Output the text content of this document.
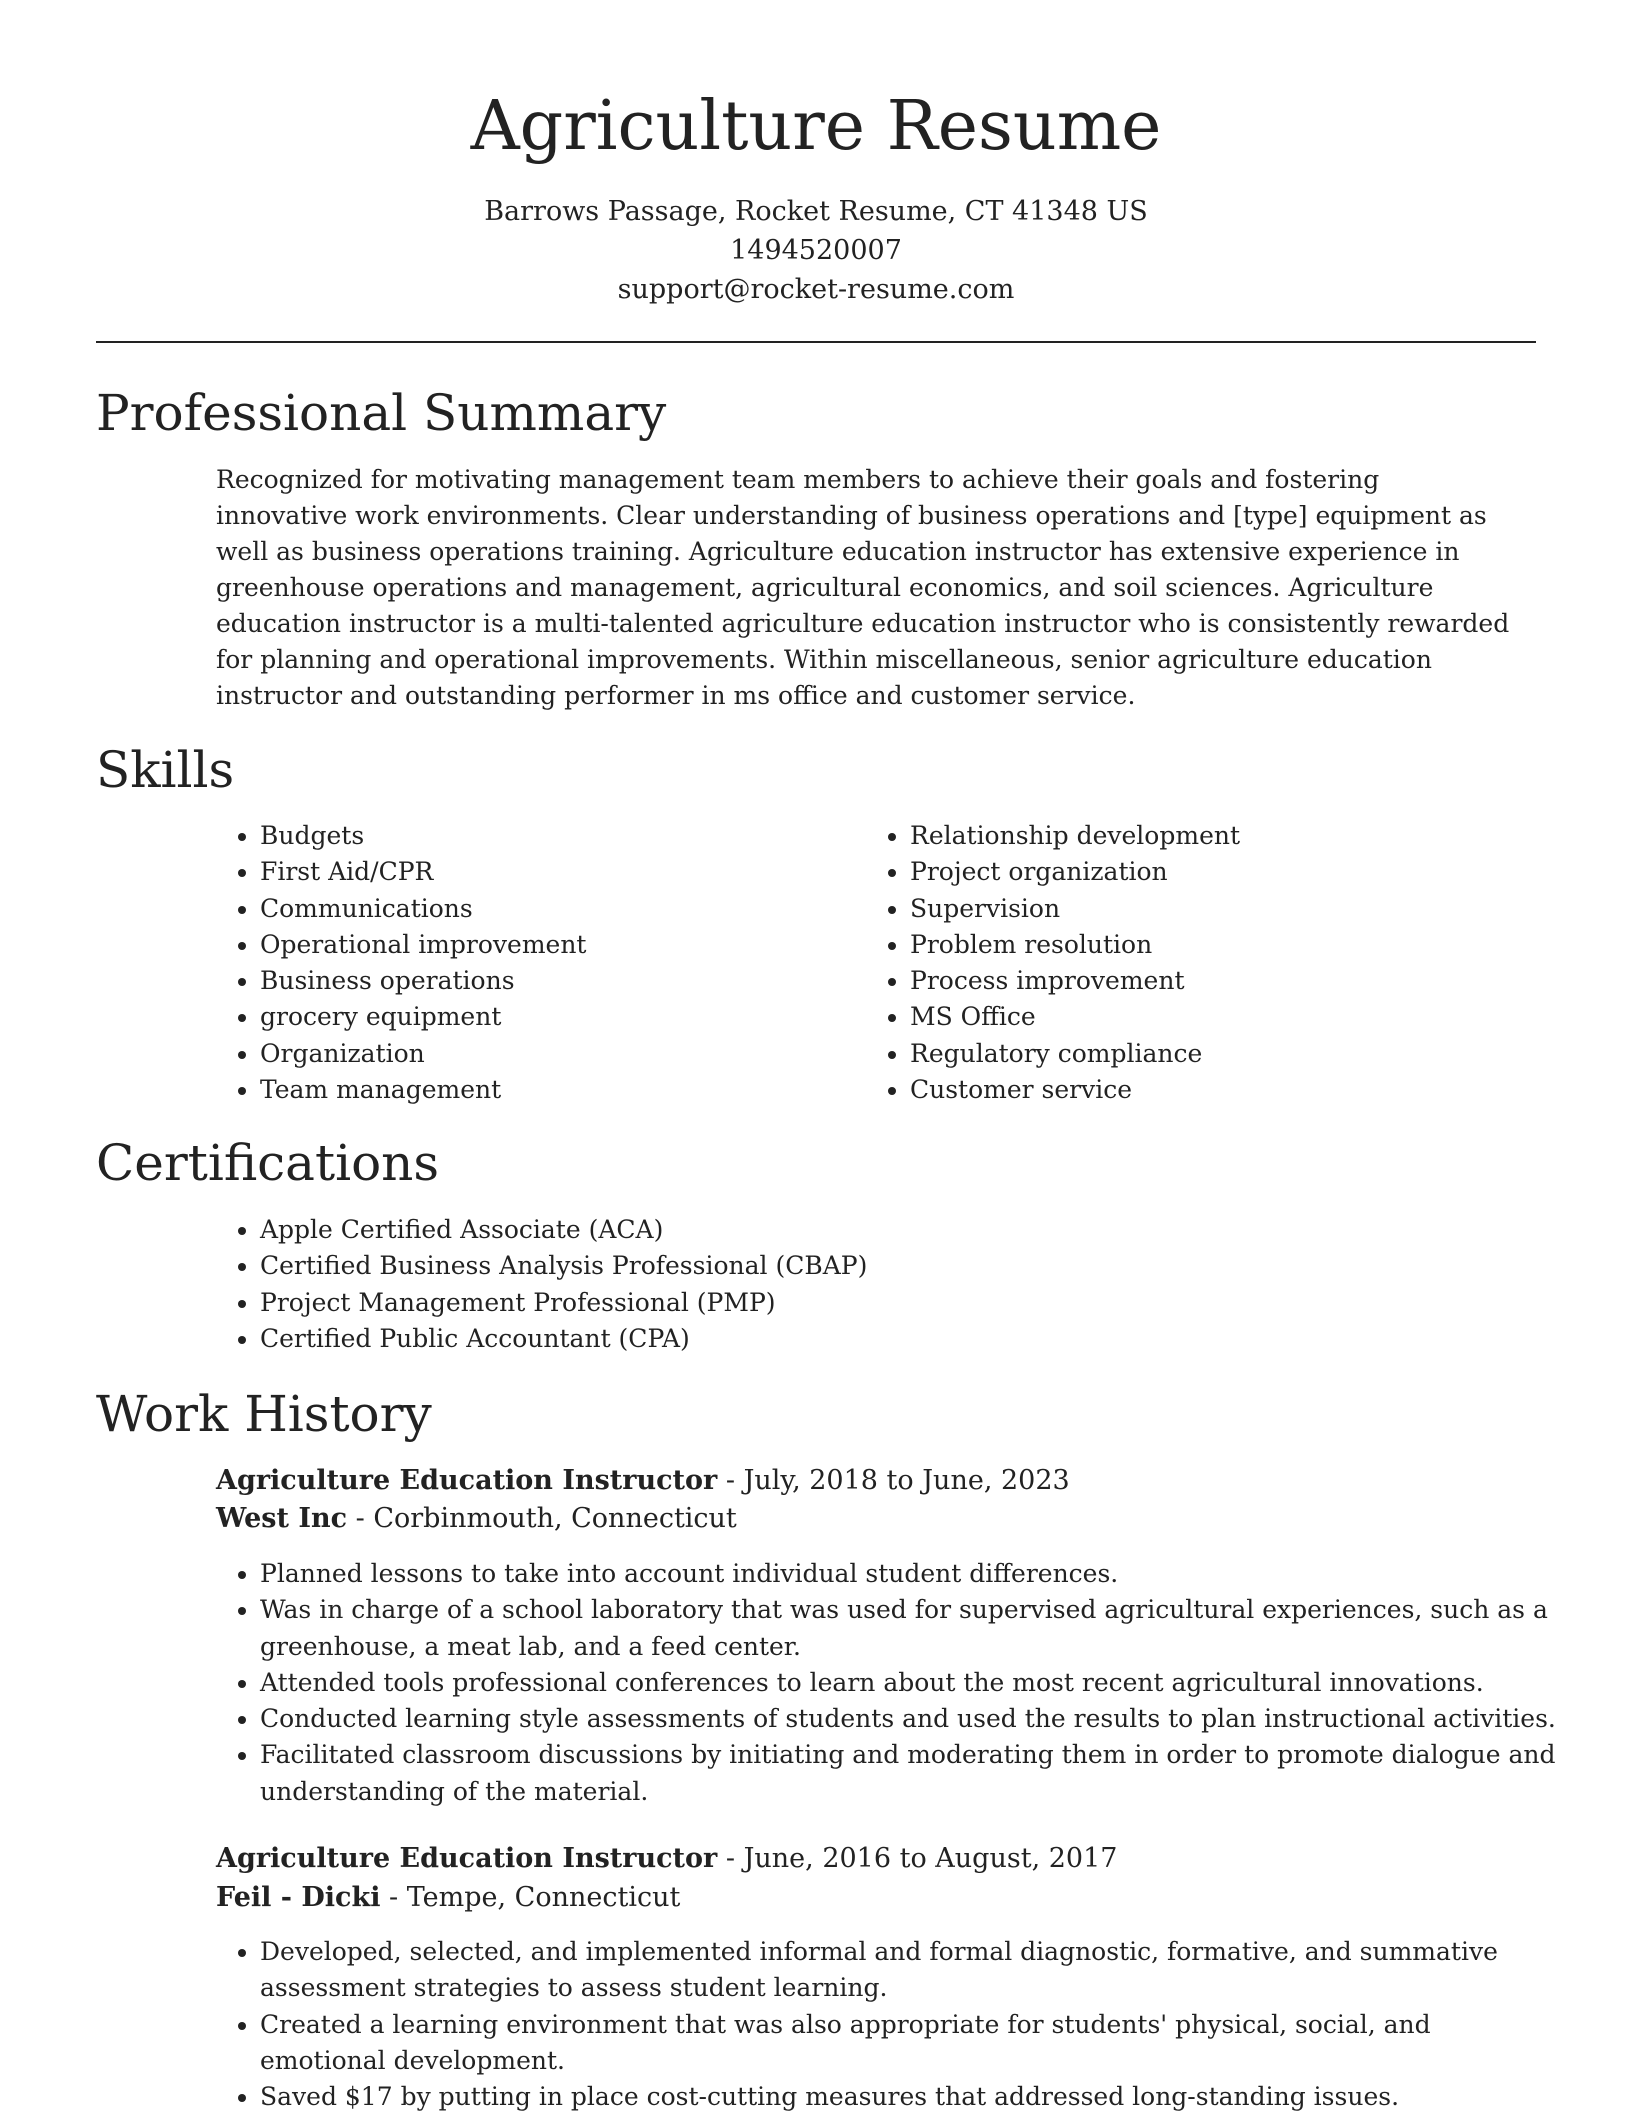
Agriculture Resume
Barrows Passage, Rocket Resume, CT 41348 US
1494520007
support@rocket-resume.com
Professional Summary

Recognized for motivating management team members to achieve their goals and fostering innovative work environments. Clear understanding of business operations and [type] equipment as well as business operations training. Agriculture education instructor has extensive experience in greenhouse operations and management, agricultural economics, and soil sciences. Agriculture education instructor is a multi-talented agriculture education instructor who is consistently rewarded for planning and operational improvements. Within miscellaneous, senior agriculture education instructor and outstanding performer in ms office and customer service.

Skills
• Budgets
• First Aid/CPR
• Communications
• Operational improvement
• Business operations
• grocery equipment
• Organization
• Team management
• Relationship development
• Project organization
• Supervision
• Problem resolution
• Process improvement
• MS Office
• Regulatory compliance
• Customer service
Certifications
• Apple Certified Associate (ACA)
• Certified Business Analysis Professional (CBAP)
• Project Management Professional (PMP)
• Certified Public Accountant (CPA)
Work History
Agriculture Education Instructor - July, 2018 to June, 2023
West Inc - Corbinmouth, Connecticut
• Planned lessons to take into account individual student differences.
• Was in charge of a school laboratory that was used for supervised agricultural experiences, such as a greenhouse, a meat lab, and a feed center.
• Attended tools professional conferences to learn about the most recent agricultural innovations.
• Conducted learning style assessments of students and used the results to plan instructional activities.
• Facilitated classroom discussions by initiating and moderating them in order to promote dialogue and understanding of the material.
Agriculture Education Instructor - June, 2016 to August, 2017
Feil - Dicki - Tempe, Connecticut
• Developed, selected, and implemented informal and formal diagnostic, formative, and summative assessment strategies to assess student learning.
• Created a learning environment that was also appropriate for students' physical, social, and emotional development.
• Saved $17 by putting in place cost-cutting measures that addressed long-standing issues.
